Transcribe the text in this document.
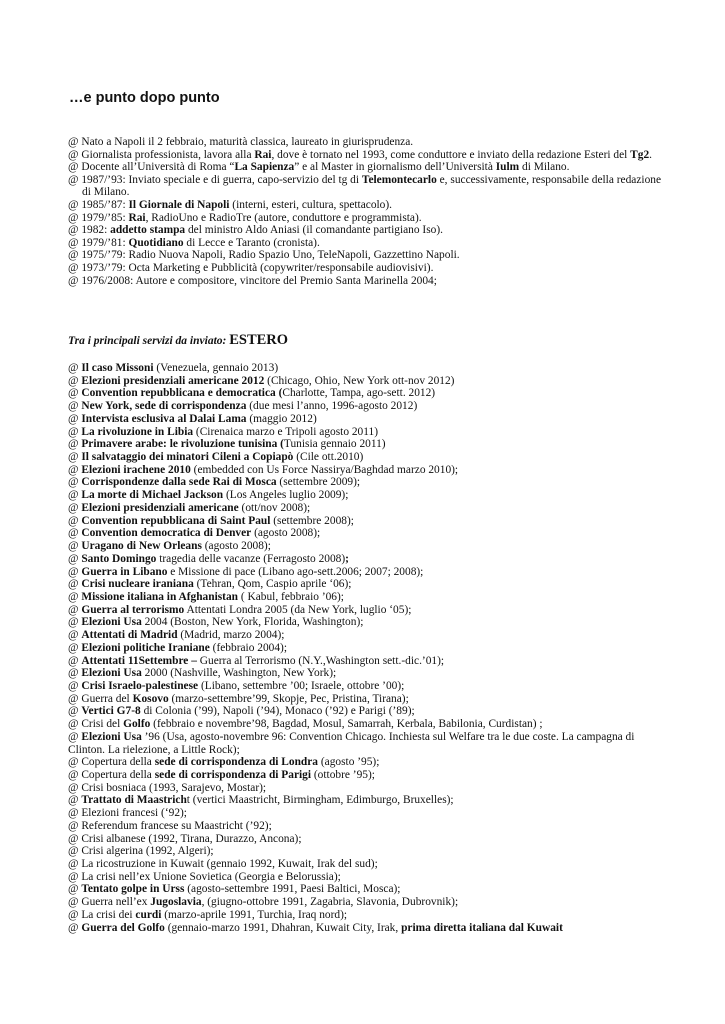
…e punto dopo punto

@ Nato a Napoli il 2 febbraio, maturità classica, laureato in giurisprudenza.

@ Giornalista professionista, lavora alla Rai, dove è tornato nel 1993, come conduttore e inviato della redazione Esteri del Tg2.

@ Docente all’Università di Roma “La Sapienza” e al Master in giornalismo dell’Università Iulm di Milano.

@ 1987/’93: Inviato speciale e di guerra, capo-servizio del tg di Telemontecarlo e, successivamente, responsabile della redazione di Milano.

@ 1985/’87: Il Giornale di Napoli (interni, esteri, cultura, spettacolo).

@ 1979/’85: Rai, RadioUno e RadioTre (autore, conduttore e programmista).

@ 1982: addetto stampa del ministro Aldo Aniasi (il comandante partigiano Iso).

@ 1979/’81: Quotidiano di Lecce e Taranto (cronista).

@ 1975/’79: Radio Nuova Napoli, Radio Spazio Uno, TeleNapoli, Gazzettino Napoli.

@ 1973/’79: Octa Marketing e Pubblicità (copywriter/responsabile audiovisivi).

@ 1976/2008: Autore e compositore, vincitore del Premio Santa Marinella 2004;

Tra i principali servizi da inviato: ESTERO

@ Il caso Missoni (Venezuela, gennaio 2013)

@ Elezioni presidenziali americane 2012 (Chicago, Ohio, New York ott-nov 2012)

@ Convention repubblicana e democratica (Charlotte, Tampa, ago-sett. 2012)

@ New York, sede di corrispondenza (due mesi l’anno, 1996-agosto 2012)

@ Intervista esclusiva al Dalai Lama (maggio 2012)

@ La rivoluzione in Libia (Cirenaica marzo e Tripoli agosto 2011)

@ Primavere arabe: le rivoluzione tunisina (Tunisia gennaio 2011)

@ Il salvataggio dei minatori Cileni a Copiapò (Cile ott.2010)

@ Elezioni irachene 2010 (embedded con Us Force Nassirya/Baghdad marzo 2010);

@ Corrispondenze dalla sede Rai di Mosca (settembre 2009);

@ La morte di Michael Jackson (Los Angeles luglio 2009);

@ Elezioni presidenziali americane (ott/nov 2008);

@ Convention repubblicana di Saint Paul (settembre 2008);

@ Convention democratica di Denver (agosto 2008);

@ Uragano di New Orleans (agosto 2008);

@ Santo Domingo tragedia delle vacanze (Ferragosto 2008);

@ Guerra in Libano e Missione di pace (Libano ago-sett.2006; 2007; 2008);

@ Crisi nucleare iraniana (Tehran, Qom, Caspio aprile ‘06);

@ Missione italiana in Afghanistan ( Kabul, febbraio ’06);

@ Guerra al terrorismo Attentati Londra 2005 (da New York, luglio ‘05);

@ Elezioni Usa 2004 (Boston, New York, Florida, Washington);

@ Attentati di Madrid (Madrid, marzo 2004);

@ Elezioni politiche Iraniane (febbraio 2004);

@ Attentati 11Settembre – Guerra al Terrorismo (N.Y.,Washington sett.-dic.’01);

@ Elezioni Usa 2000 (Nashville, Washington, New York);

@ Crisi Israelo-palestinese (Libano, settembre ’00; Israele, ottobre ’00);

@ Guerra del Kosovo (marzo-settembre’99, Skopje, Pec, Pristina, Tirana);

@ Vertici G7-8 di Colonia (’99), Napoli (’94), Monaco (’92) e Parigi (’89);

@ Crisi del Golfo (febbraio e novembre’98, Bagdad, Mosul, Samarrah, Kerbala, Babilonia, Curdistan) ;

@ Elezioni Usa ’96 (Usa, agosto-novembre 96: Convention Chicago. Inchiesta sul Welfare tra le due coste. La campagna di Clinton. La rielezione, a Little Rock);

@ Copertura della sede di corrispondenza di Londra (agosto ’95);

@ Copertura della sede di corrispondenza di Parigi (ottobre ’95);

@ Crisi bosniaca (1993, Sarajevo, Mostar);

@ Trattato di Maastricht (vertici Maastricht, Birmingham, Edimburgo, Bruxelles);

@ Elezioni francesi (‘92);

@ Referendum francese su Maastricht (’92);

@ Crisi albanese (1992, Tirana, Durazzo, Ancona);

@ Crisi algerina (1992, Algeri);

@ La ricostruzione in Kuwait (gennaio 1992, Kuwait, Irak del sud);

@ La crisi nell’ex Unione Sovietica (Georgia e Belorussia);

@ Tentato golpe in Urss (agosto-settembre 1991, Paesi Baltici, Mosca);

@ Guerra nell’ex Jugoslavia, (giugno-ottobre 1991, Zagabria, Slavonia, Dubrovnik);

@ La crisi dei curdi (marzo-aprile 1991, Turchia, Iraq nord);

@ Guerra del Golfo (gennaio-marzo 1991, Dhahran, Kuwait City, Irak, prima diretta italiana dal Kuwait
